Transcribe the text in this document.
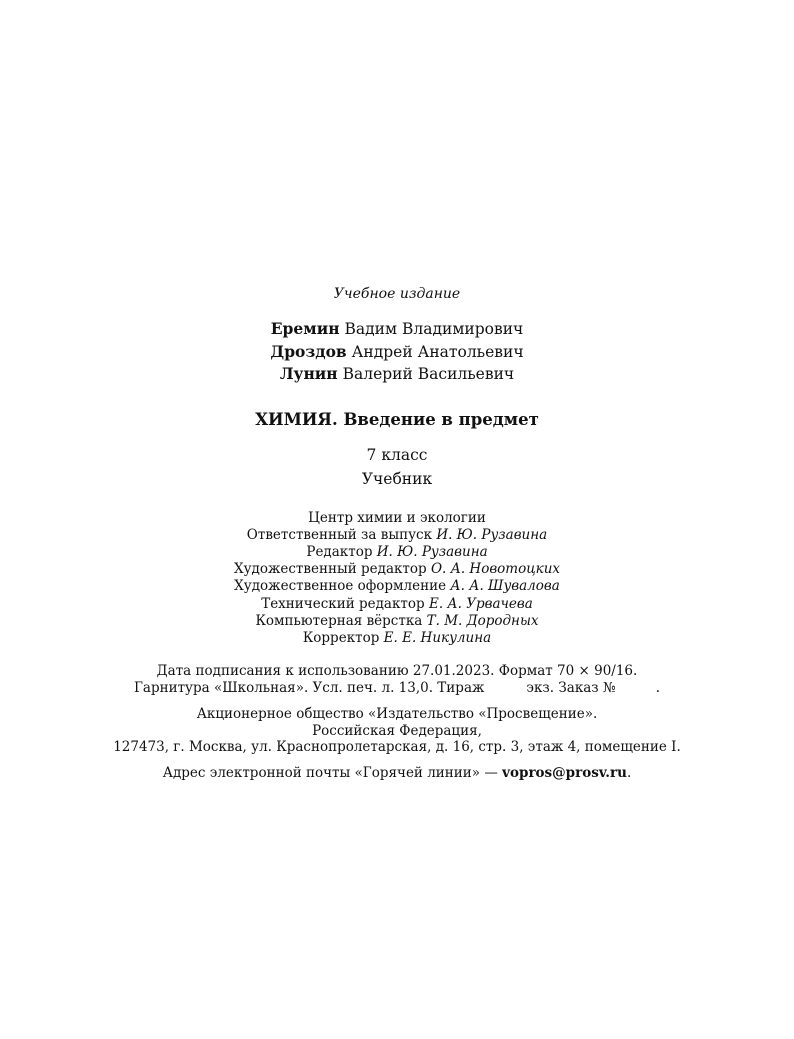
Учебное издание
Еремин Вадим Владимирович
Дроздов Андрей Анатольевич
Лунин Валерий Васильевич
ХИМИЯ. Введение в предмет
7 класс
Учебник
Центр химии и экологии
Ответственный за выпуск И. Ю. Рузавина
Редактор И. Ю. Рузавина
Художественный редактор О. А. Новотоцких
Художественное оформление А. А. Шувалова
Технический редактор Е. А. Урвачева
Компьютерная вёрстка Т. М. Дородных
Корректор Е. Е. Никулина
Дата подписания к использованию 27.01.2023. Формат 70 × 90/16.
Гарнитура «Школьная». Усл. печ. л. 13,0. Тираж	экз. Заказ №	.
Акционерное общество «Издательство «Просвещение».
Российская Федерация,
127473, г. Москва, ул. Краснопролетарская, д. 16, стр. 3, этаж 4, помещение I.
Адрес электронной почты «Горячей линии» — vopros@prosv.ru.
